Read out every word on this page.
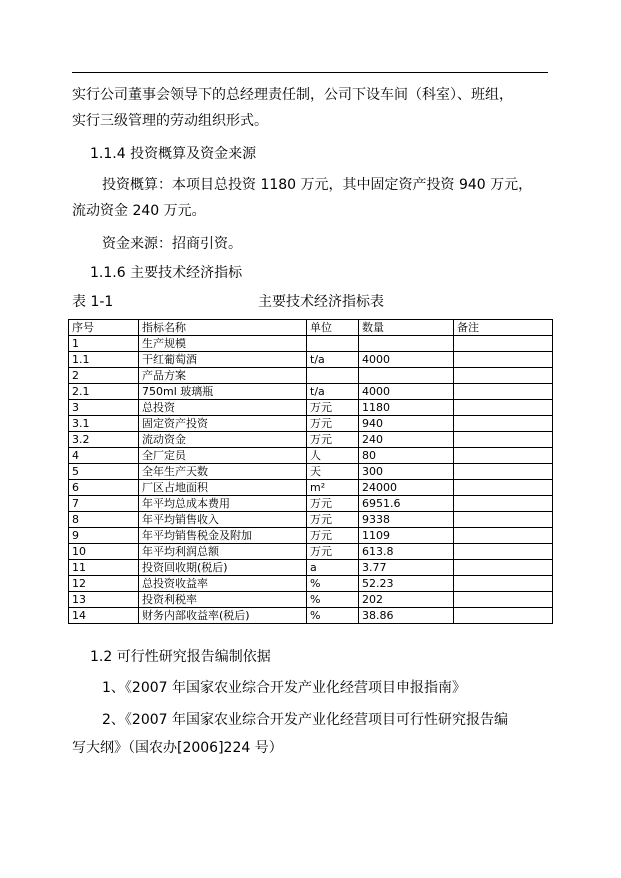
实行公司董事会领导下的总经理责任制，公司下设车间（科室）、班组，
实行三级管理的劳动组织形式。
1.1.4 投资概算及资金来源
投资概算：本项目总投资 1180 万元，其中固定资产投资 940 万元，
流动资金 240 万元。
资金来源：招商引资。
1.1.6 主要技术经济指标
表 1-1	主要技术经济指标表
序号	指标名称	单位	数量	备注
1	生产规模			
1.1	干红葡萄酒	t/a	4000	
2	产品方案			
2.1	750ml 玻璃瓶	t/a	4000	
3	总投资	万元	1180	
3.1	固定资产投资	万元	940	
3.2	流动资金	万元	240	
4	全厂定员	人	80	
5	全年生产天数	天	300	
6	厂区占地面积	m²	24000	
7	年平均总成本费用	万元	6951.6	
8	年平均销售收入	万元	9338	
9	年平均销售税金及附加	万元	1109	
10	年平均利润总额	万元	613.8	
11	投资回收期(税后)	a	3.77	
12	总投资收益率	%	52.23	
13	投资利税率	%	202	
14	财务内部收益率(税后)	%	38.86	
1.2 可行性研究报告编制依据
1、《2007 年国家农业综合开发产业化经营项目申报指南》
2、《2007 年国家农业综合开发产业化经营项目可行性研究报告编
写大纲》（国农办[2006]224 号）
